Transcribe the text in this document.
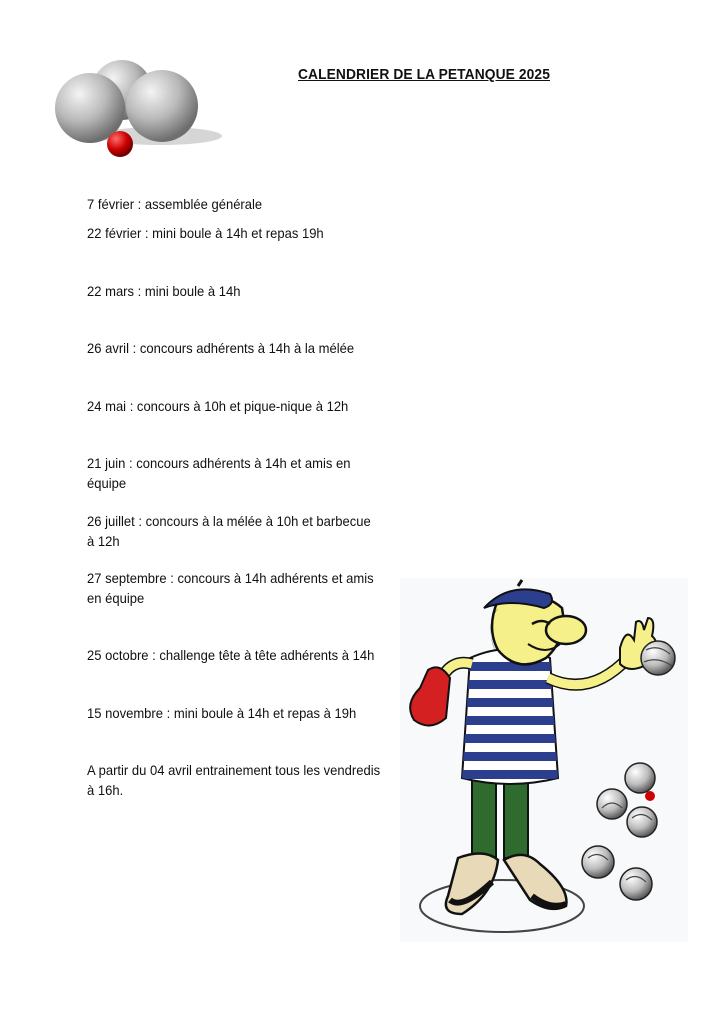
CALENDRIER DE LA PETANQUE 2025
7 février : assemblée générale
22 février : mini boule à 14h et repas 19h
22 mars : mini boule à 14h
26 avril : concours adhérents à 14h à la mélée
24 mai : concours à 10h et pique-nique à 12h
21 juin : concours adhérents à 14h et amis en équipe
26 juillet : concours à la mélée à 10h et barbecue à 12h
27 septembre : concours à 14h adhérents et amis en équipe
25 octobre : challenge tête à tête adhérents à 14h
15 novembre : mini boule à 14h et repas à 19h
A partir du 04 avril entrainement tous les vendredis à 16h.
